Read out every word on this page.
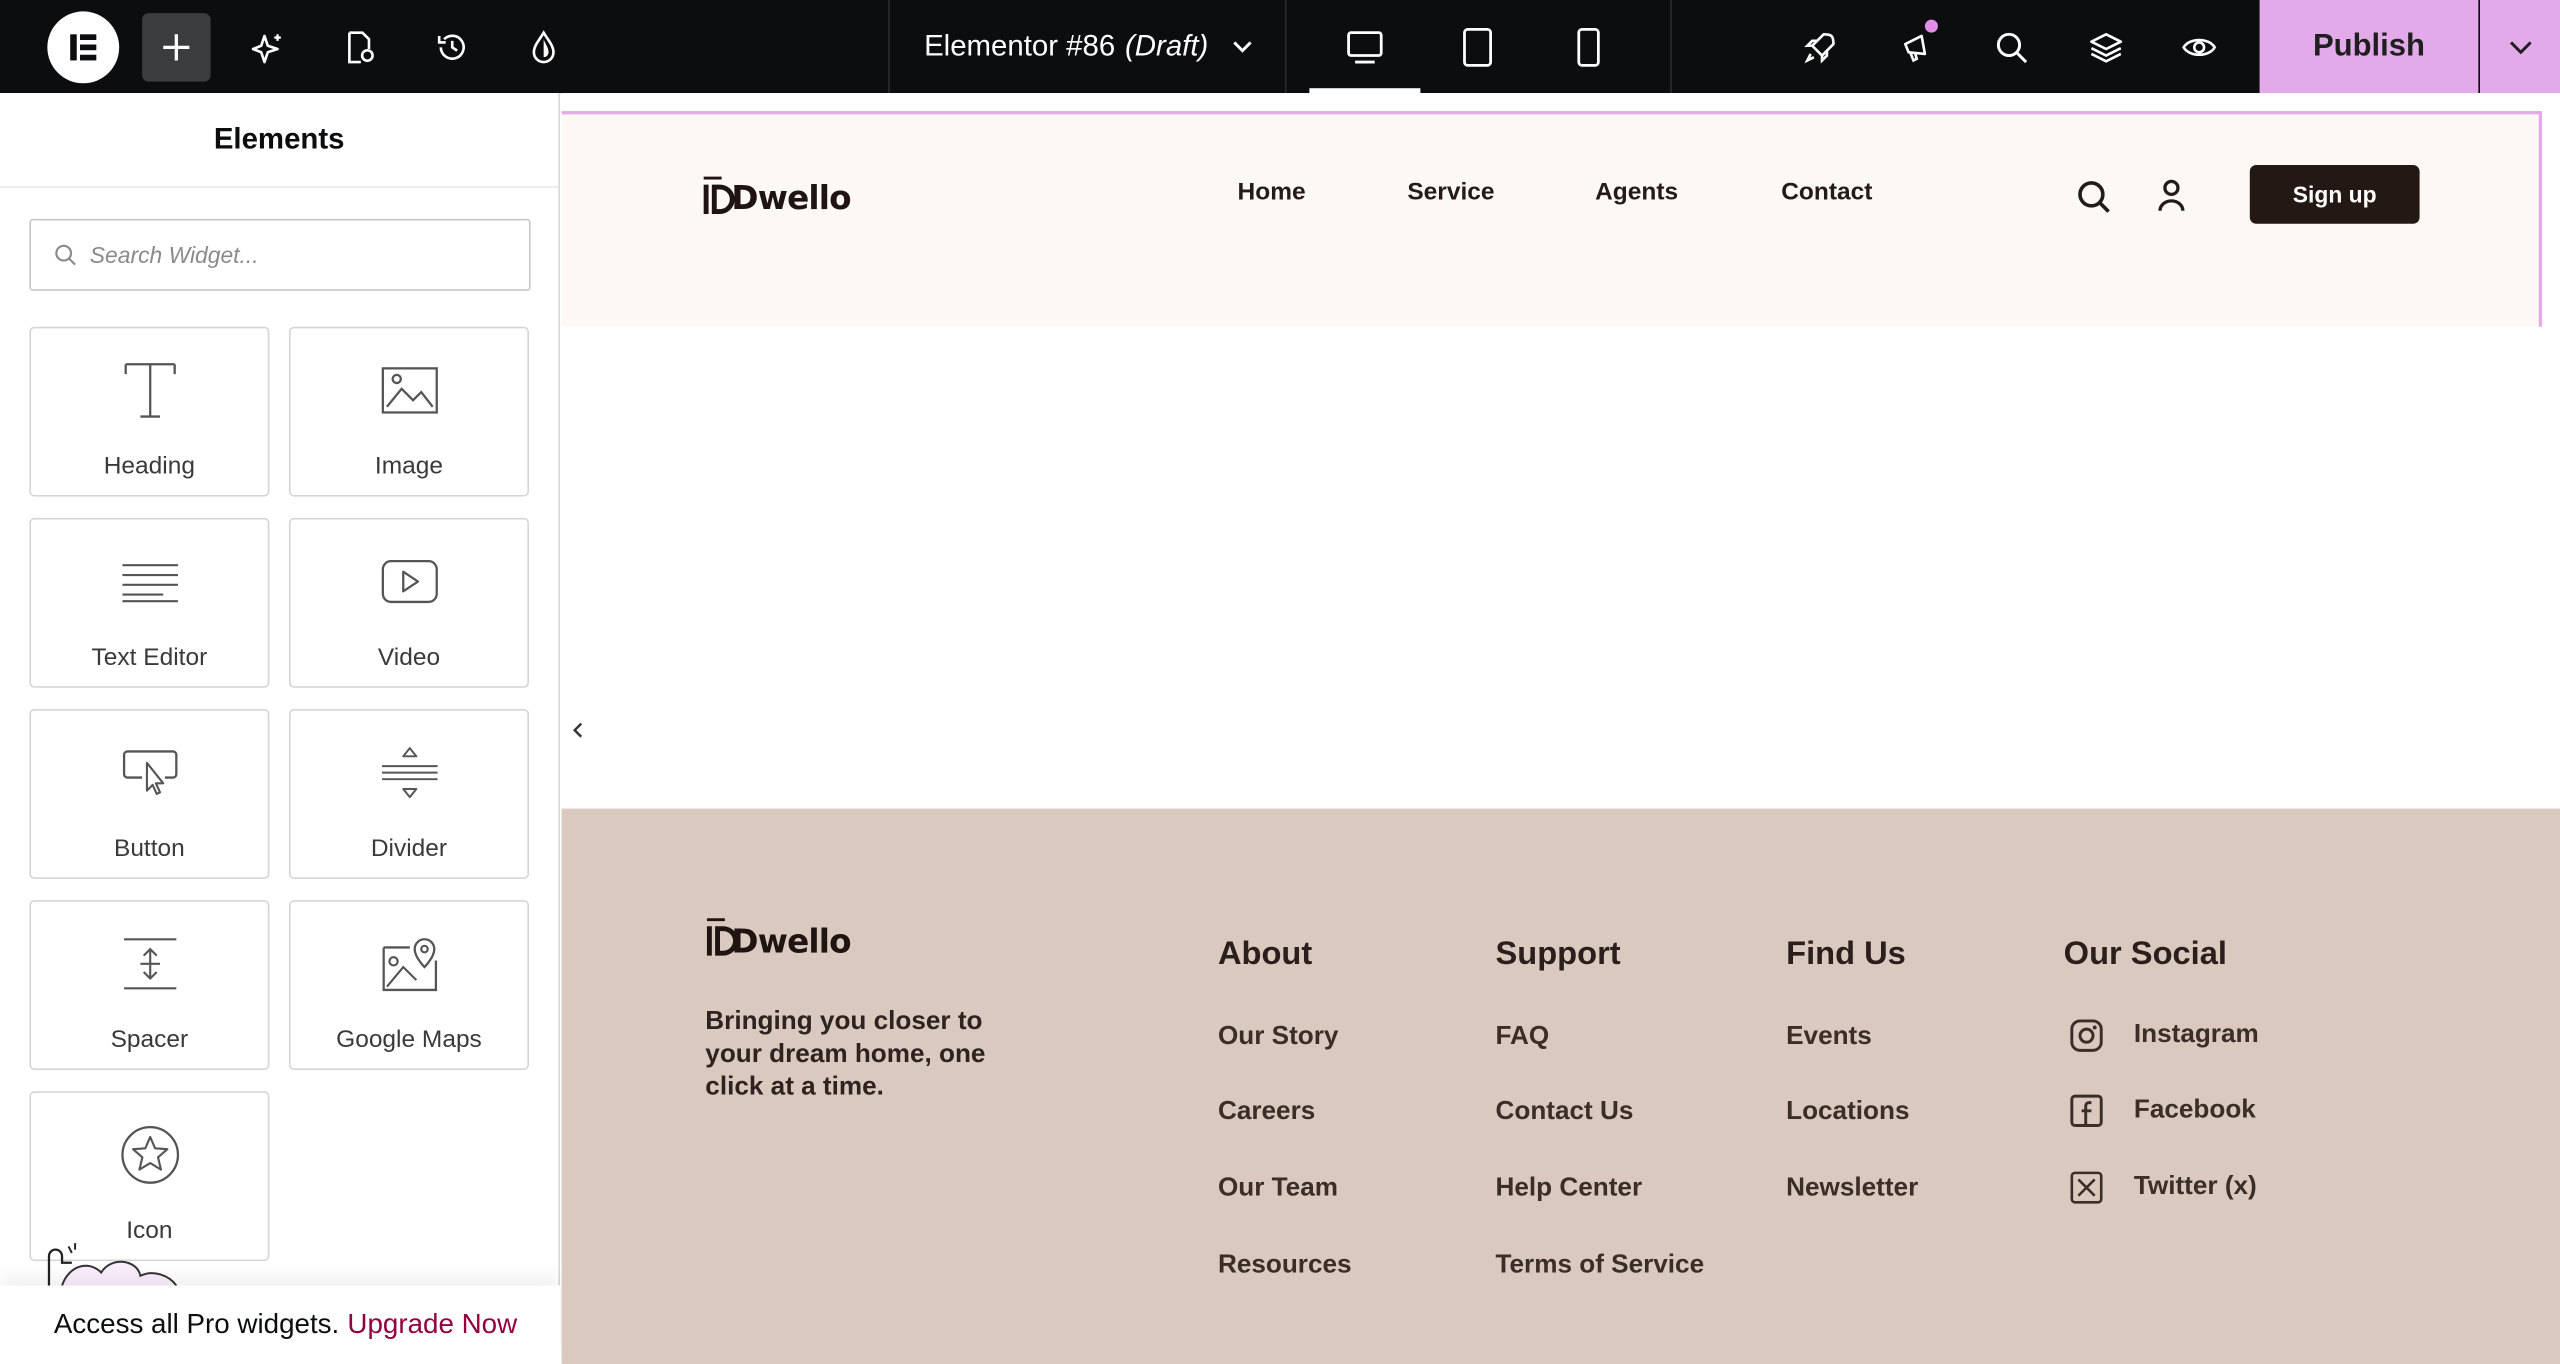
Elementor #86 (Draft)	Publish
Elements
Search Widget...
Heading	Image
Text Editor	Video
Button	Divider
Spacer	Google Maps
Icon
Access all Pro widgets. Upgrade Now
Dwello	Home	Service	Agents	Contact	Sign up
Dwello

Bringing you closer to your dream home, one click at a time.

About
Our Story
Careers
Our Team
Resources
Support
FAQ
Contact Us
Help Center
Terms of Service
Find Us
Events
Locations
Newsletter
Our Social
Instagram
Facebook
Twitter (x)
